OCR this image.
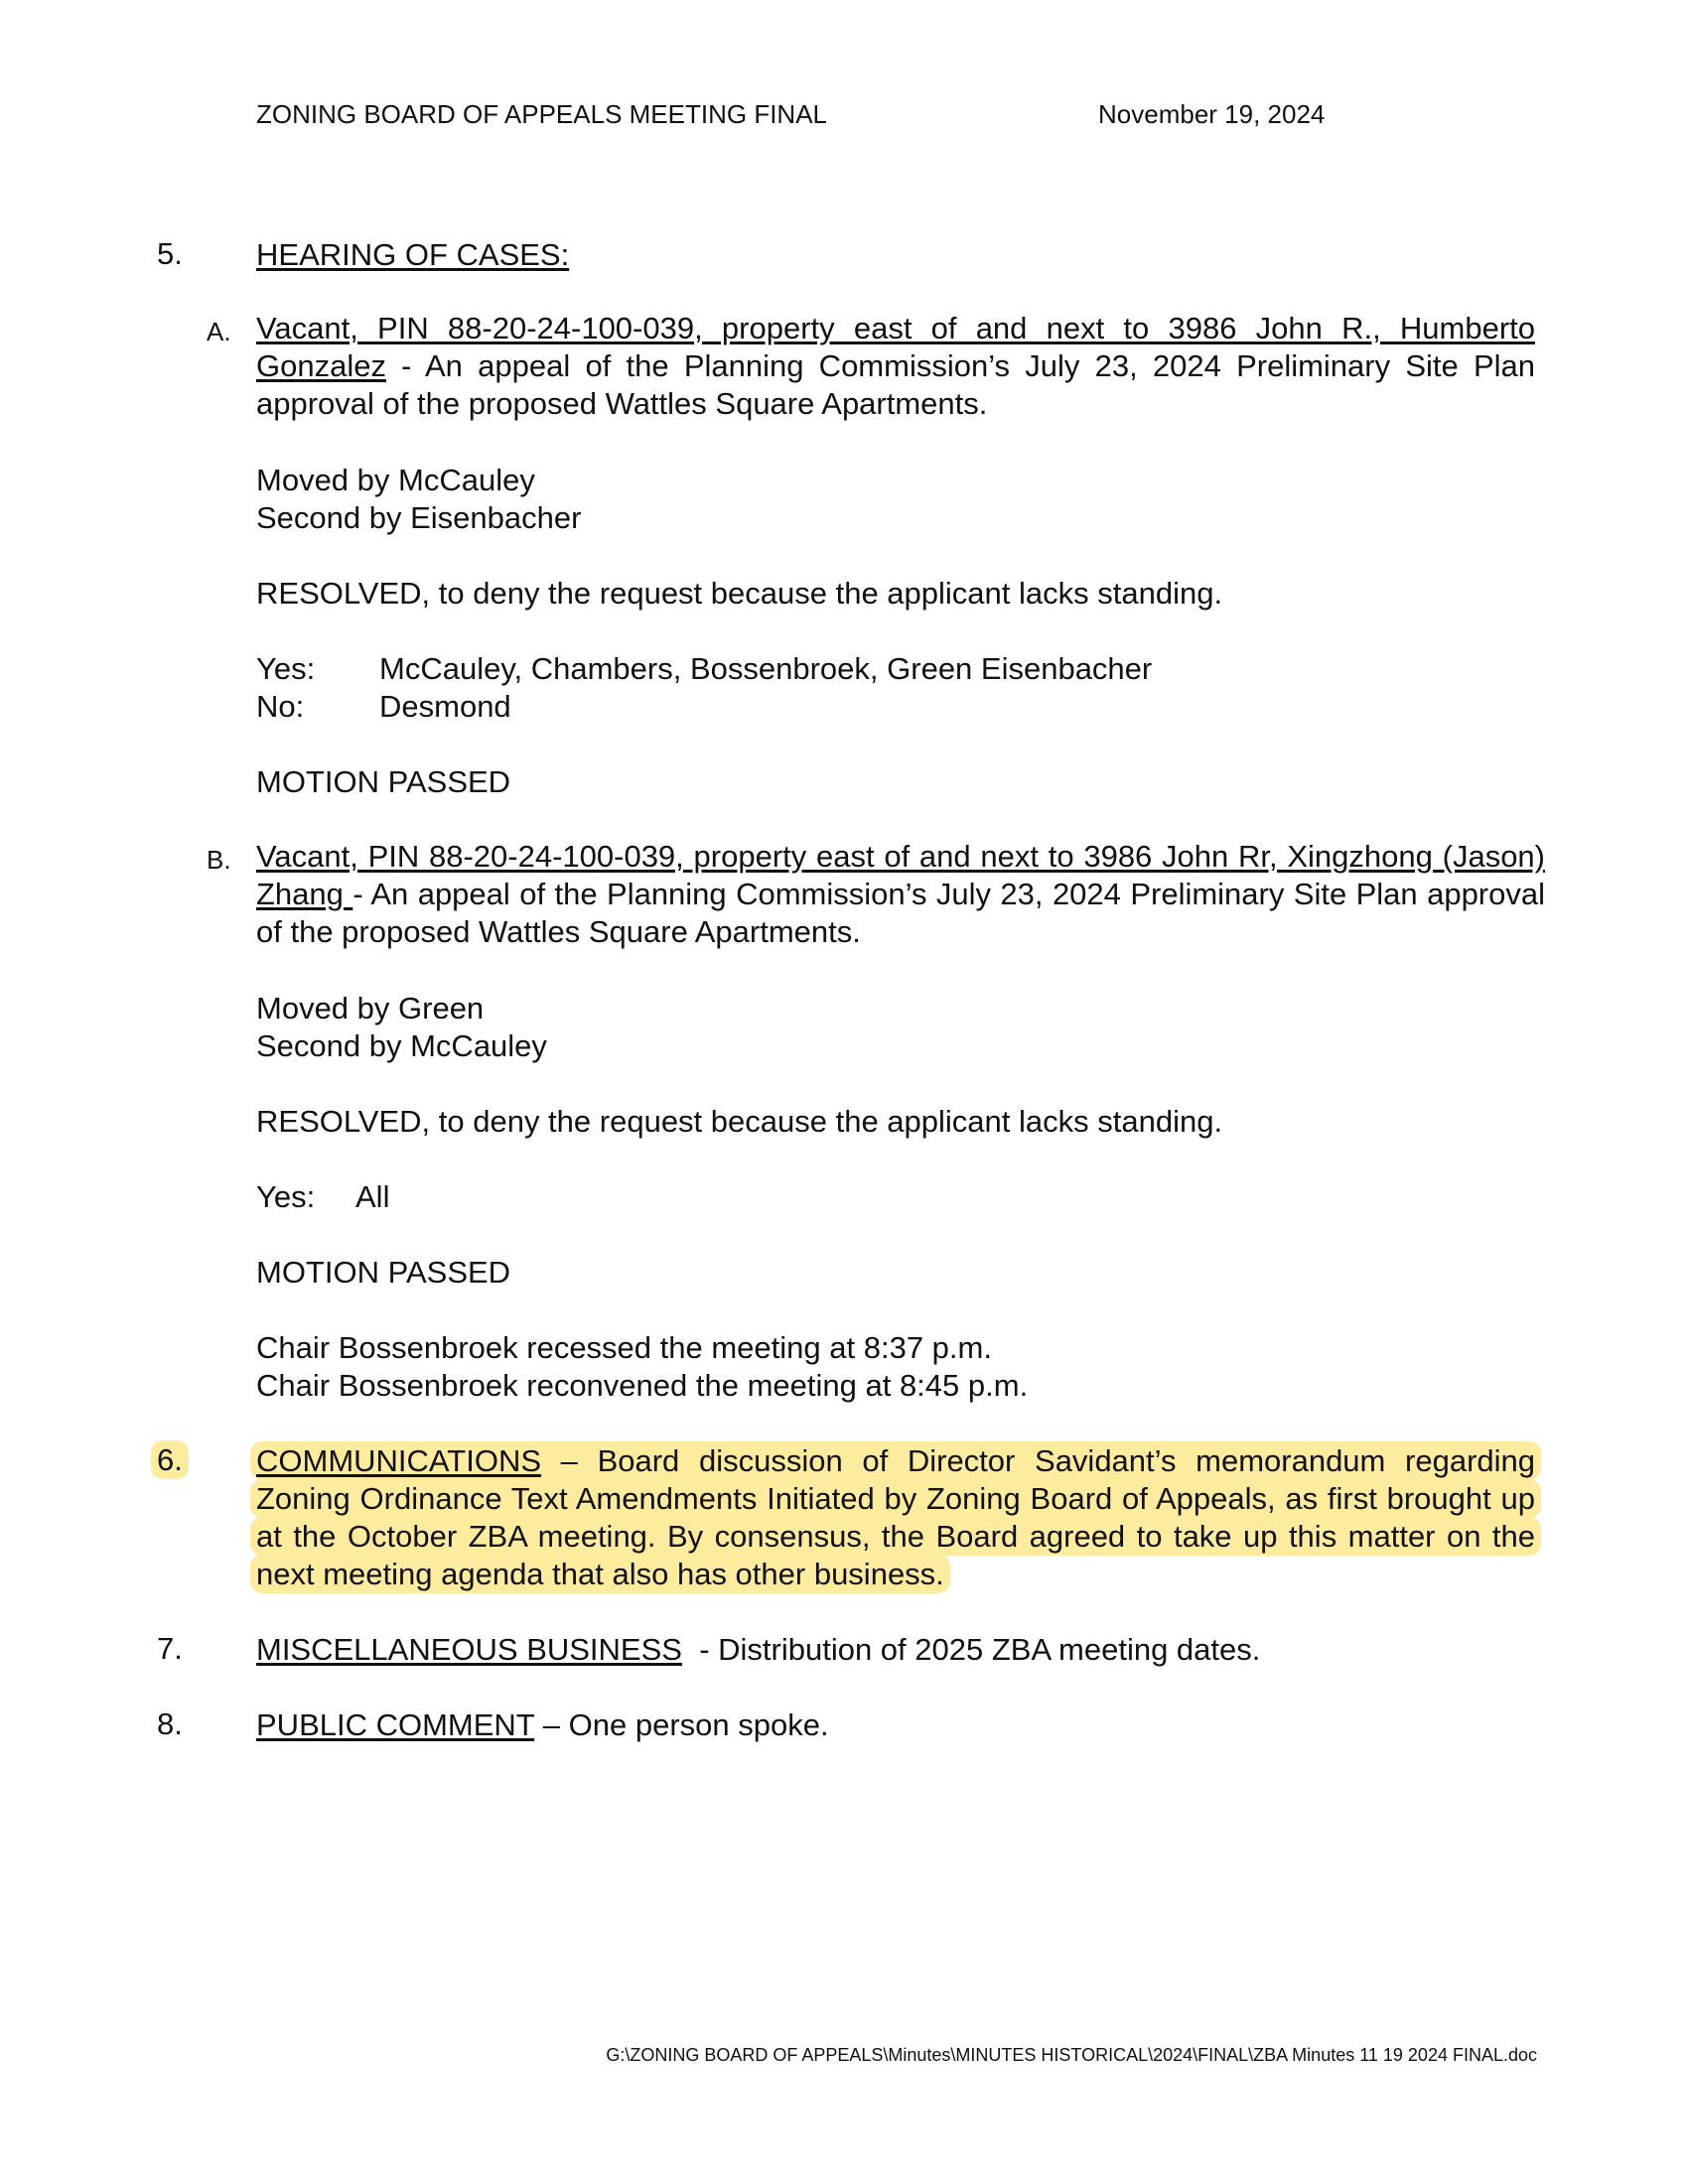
ZONING BOARD OF APPEALS MEETING FINAL	November 19, 2024
5. HEARING OF CASES:
A. Vacant, PIN 88-20-24-100-039, property east of and next to 3986 John R., Humberto Gonzalez - An appeal of the Planning Commission’s July 23, 2024 Preliminary Site Plan approval of the proposed Wattles Square Apartments.
Moved by McCauley
Second by Eisenbacher
RESOLVED, to deny the request because the applicant lacks standing.
Yes: McCauley, Chambers, Bossenbroek, Green Eisenbacher
No: Desmond
MOTION PASSED
B. Vacant, PIN 88-20-24-100-039, property east of and next to 3986 John Rr, Xingzhong (Jason) Zhang - An appeal of the Planning Commission’s July 23, 2024 Preliminary Site Plan approval of the proposed Wattles Square Apartments.
Moved by Green
Second by McCauley
RESOLVED, to deny the request because the applicant lacks standing.
Yes: All
MOTION PASSED
Chair Bossenbroek recessed the meeting at 8:37 p.m.
Chair Bossenbroek reconvened the meeting at 8:45 p.m.
6. COMMUNICATIONS – Board discussion of Director Savidant’s memorandum regarding Zoning Ordinance Text Amendments Initiated by Zoning Board of Appeals, as first brought up at the October ZBA meeting. By consensus, the Board agreed to take up this matter on the next meeting agenda that also has other business.
7. MISCELLANEOUS BUSINESS  - Distribution of 2025 ZBA meeting dates.
8. PUBLIC COMMENT – One person spoke.
G:\ZONING BOARD OF APPEALS\Minutes\MINUTES HISTORICAL\2024\FINAL\ZBA Minutes 11 19 2024 FINAL.doc
